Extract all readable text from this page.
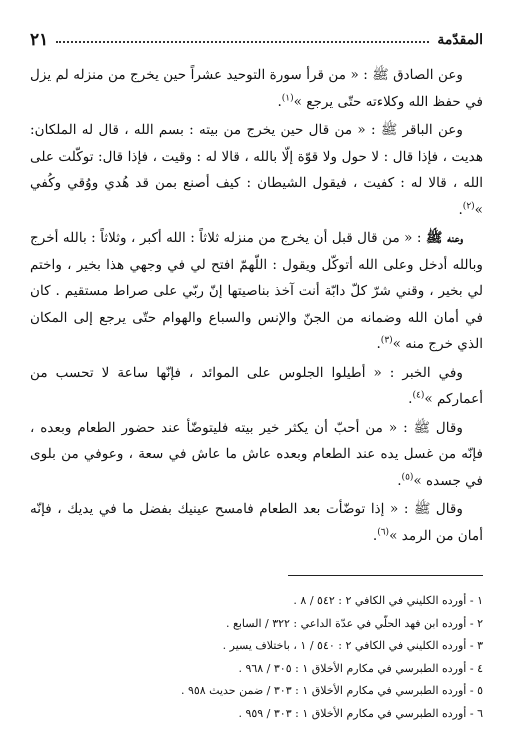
المقدّمة
٢١

وعن الصادق ﷺ : « من قرأ سورة التوحيد عشراً حين يخرج من منزله لم يزل في حفظ الله وكلاءته حتّى يرجع »$^{(١)}$.

وعن الباقر ﷺ : « من قال حين يخرج من بيته : بسم الله ، قال له الملكان: هديت ، فإذا قال : لا حول ولا قوّة إلّا بالله ، قالا له : وقيت ، فإذا قال: توكّلت على الله ، قالا له : كفيت ، فيقول الشيطان : كيف أصنع بمن قد هُدي ووُقي وكُفي »$^{(٢)}$.

وعنه ﷺ : « من قال قبل أن يخرج من منزله ثلاثاً : الله أكبر ، وثلاثاً : بالله أخرج وبالله أدخل وعلى الله أتوكّل ويقول : اللّهمّ افتح لي في وجهي هذا بخير ، واختم لي بخير ، وقني شرّ كلّ دابّة أنت آخذ بناصيتها إنّ ربّي على صراط مستقيم . كان في أمان الله وضمانه من الجنّ والإنس والسباع والهوام حتّى يرجع إلى المكان الذي خرج منه »$^{(٣)}$.

وفي الخبر : « أطيلوا الجلوس على الموائد ، فإنّها ساعة لا تحسب من أعماركم »$^{(٤)}$.

وقال ﷺ : « من أحبّ أن يكثر خير بيته فليتوضّأ عند حضور الطعام وبعده ، فإنّه من غسل يده عند الطعام وبعده عاش ما عاش في سعة ، وعوفي من بلوى في جسده »$^{(٥)}$.

وقال ﷺ : « إذا توضّأت بعد الطعام فامسح عينيك بفضل ما في يديك ، فإنّه أمان من الرمد »$^{(٦)}$.

١ - أورده الكليني في الكافي ٢ : ٥٤٢ / ٨ .
٢ - أورده ابن فهد الحلّي في عدّة الداعي : ٣٢٢ / السابع .
٣ - أورده الكليني في الكافي ٢ : ٥٤٠ / ١ ، باختلاف يسير .
٤ - أورده الطبرسي في مكارم الأخلاق ١ : ٣٠٥ / ٩٦٨ .
٥ - أورده الطبرسي في مكارم الأخلاق ١ : ٣٠٣ / ضمن حديث ٩٥٨ .
٦ - أورده الطبرسي في مكارم الأخلاق ١ : ٣٠٣ / ٩٥٩ .
